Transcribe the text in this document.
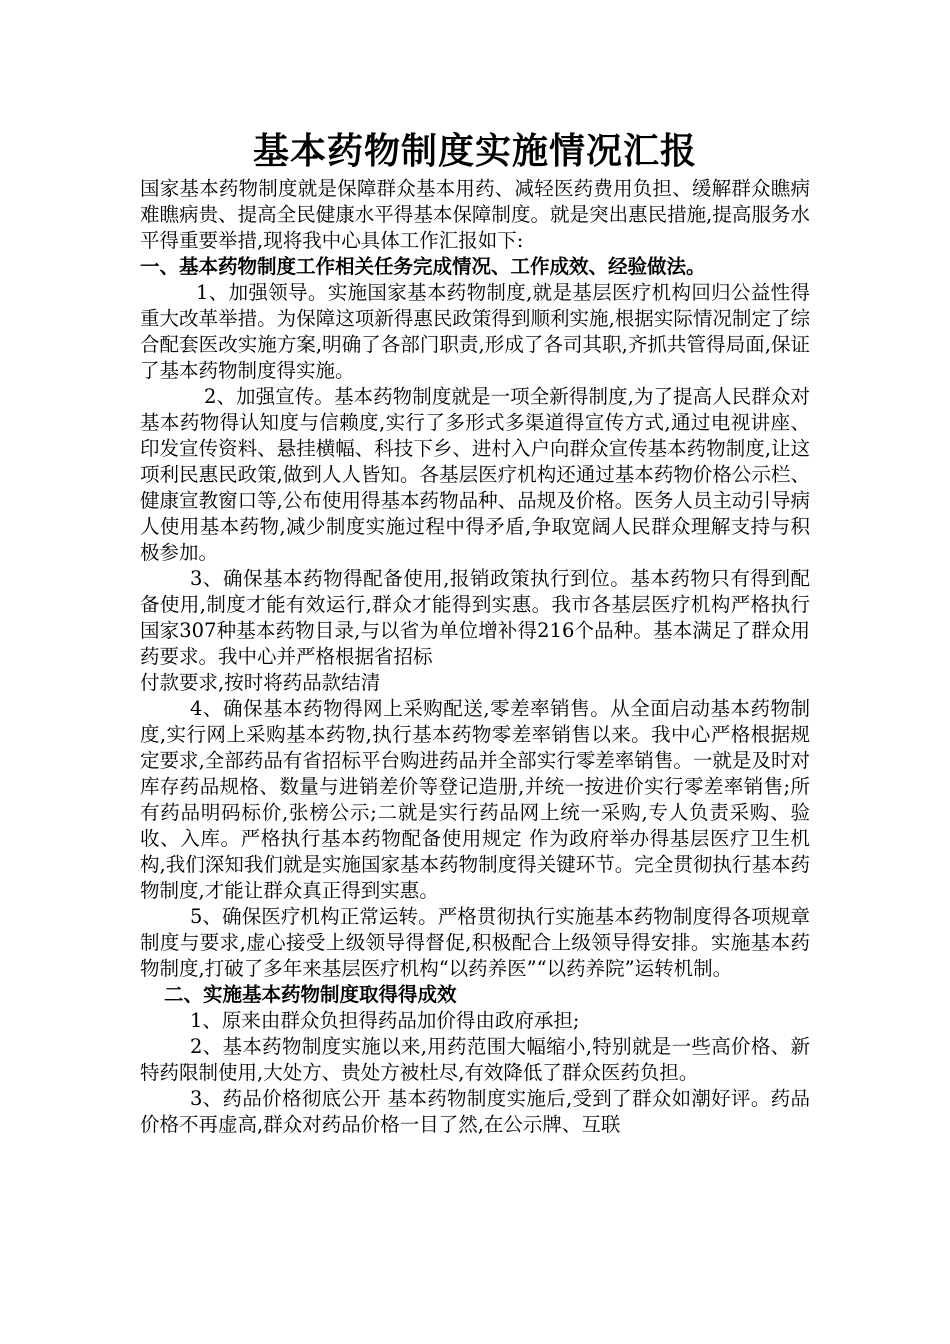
基本药物制度实施情况汇报

国家基本药物制度就是保障群众基本用药、减轻医药费用负担、缓解群众瞧病难瞧病贵、提高全民健康水平得基本保障制度。就是突出惠民措施,提高服务水平得重要举措,现将我中心具体工作汇报如下:

一、基本药物制度工作相关任务完成情况、工作成效、经验做法。

1、加强领导。实施国家基本药物制度,就是基层医疗机构回归公益性得重大改革举措。为保障这项新得惠民政策得到顺利实施,根据实际情况制定了综合配套医改实施方案,明确了各部门职责,形成了各司其职,齐抓共管得局面,保证了基本药物制度得实施。

2、加强宣传。基本药物制度就是一项全新得制度,为了提高人民群众对基本药物得认知度与信赖度,实行了多形式多渠道得宣传方式,通过电视讲座、印发宣传资料、悬挂横幅、科技下乡、进村入户向群众宣传基本药物制度,让这项利民惠民政策,做到人人皆知。各基层医疗机构还通过基本药物价格公示栏、健康宣教窗口等,公布使用得基本药物品种、品规及价格。医务人员主动引导病人使用基本药物,减少制度实施过程中得矛盾,争取宽阔人民群众理解支持与积极参加。

3、确保基本药物得配备使用,报销政策执行到位。基本药物只有得到配备使用,制度才能有效运行,群众才能得到实惠。我市各基层医疗机构严格执行国家307种基本药物目录,与以省为单位增补得216个品种。基本满足了群众用药要求。我中心并严格根据省招标

付款要求,按时将药品款结清

4、确保基本药物得网上采购配送,零差率销售。从全面启动基本药物制度,实行网上采购基本药物,执行基本药物零差率销售以来。我中心严格根据规定要求,全部药品有省招标平台购进药品并全部实行零差率销售。一就是及时对库存药品规格、数量与进销差价等登记造册,并统一按进价实行零差率销售;所有药品明码标价,张榜公示;二就是实行药品网上统一采购,专人负责采购、验收、入库。严格执行基本药物配备使用规定 作为政府举办得基层医疗卫生机构,我们深知我们就是实施国家基本药物制度得关键环节。完全贯彻执行基本药物制度,才能让群众真正得到实惠。

5、确保医疗机构正常运转。严格贯彻执行实施基本药物制度得各项规章制度与要求,虚心接受上级领导得督促,积极配合上级领导得安排。实施基本药物制度,打破了多年来基层医疗机构“以药养医”“以药养院”运转机制。

二、实施基本药物制度取得得成效

1、原来由群众负担得药品加价得由政府承担;

2、基本药物制度实施以来,用药范围大幅缩小,特别就是一些高价格、新特药限制使用,大处方、贵处方被杜尽,有效降低了群众医药负担。

3、药品价格彻底公开 基本药物制度实施后,受到了群众如潮好评。药品价格不再虚高,群众对药品价格一目了然,在公示牌、互联
